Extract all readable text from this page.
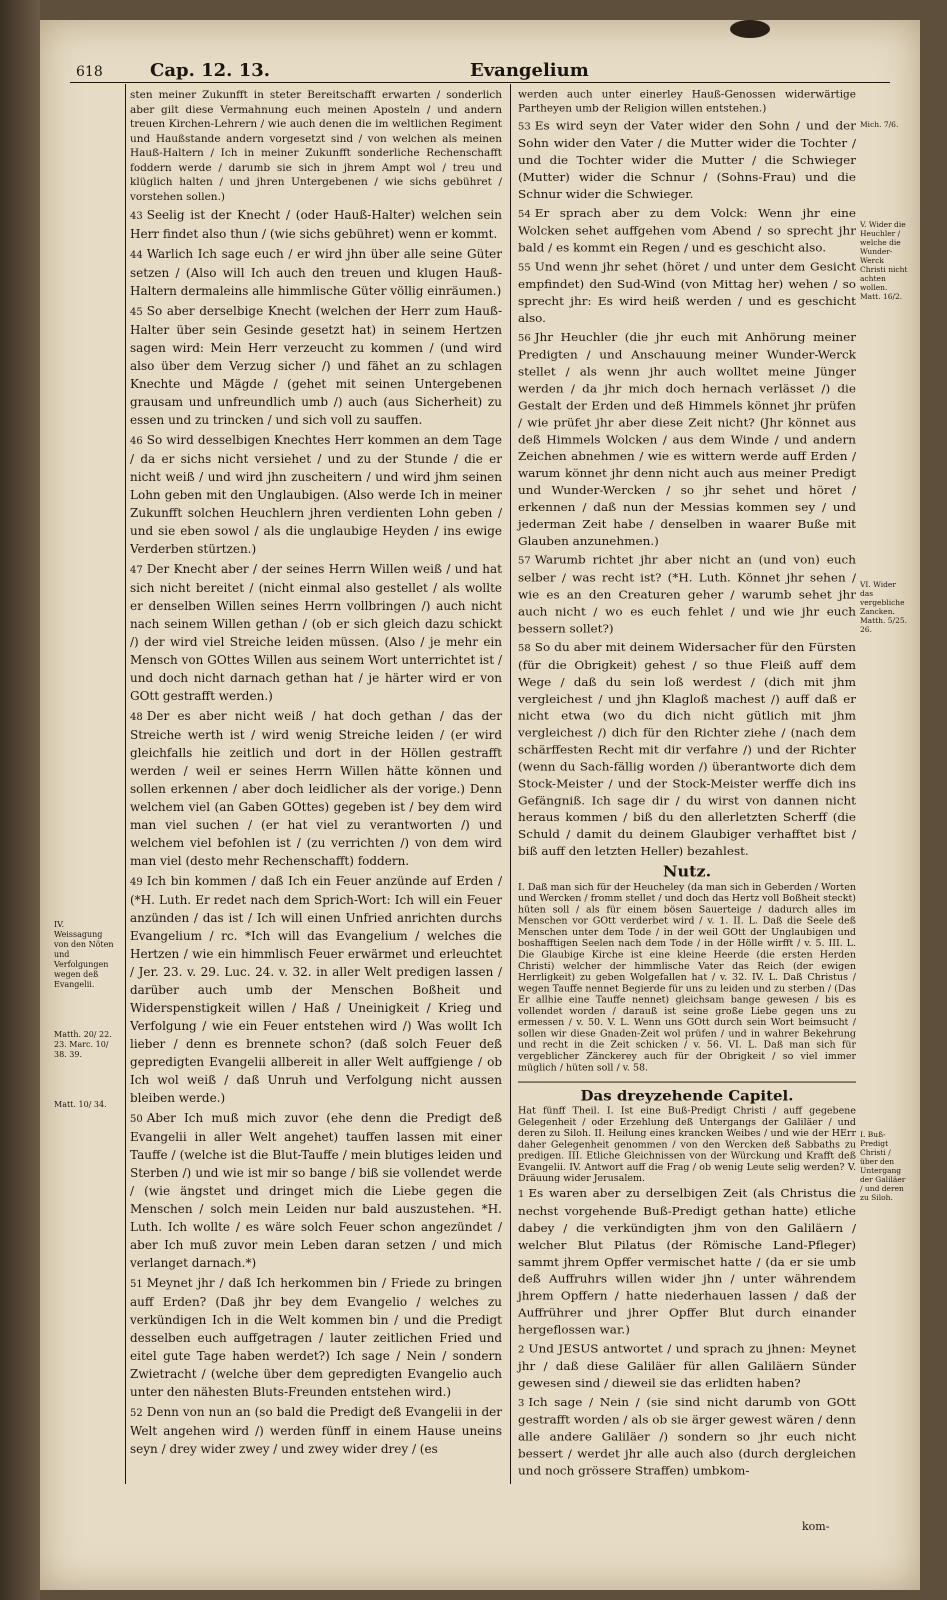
618	Cap. 12. 13.	Evangelium
IV. Weissagung von den Nöten und Verfolgungen wegen deß Evangelii.
Matth. 20/ 22. 23. Marc. 10/ 38. 39.
Matt. 10/ 34.

sten meiner Zukunfft in steter Bereitschafft erwarten / sonderlich aber gilt diese Vermahnung euch meinen Aposteln / und andern treuen Kirchen-Lehrern / wie auch denen die im weltlichen Regiment und Haußstande andern vorgesetzt sind / von welchen als meinen Hauß-Haltern / Ich in meiner Zukunfft sonderliche Rechenschafft foddern werde / darumb sie sich in jhrem Ampt wol / treu und klüglich halten / und jhren Untergebenen / wie sichs gebühret / vorstehen sollen.)

43 Seelig ist der Knecht / (oder Hauß-Halter) welchen sein Herr findet also thun / (wie sichs gebühret) wenn er kommt.

44 Warlich Ich sage euch / er wird jhn über alle seine Güter setzen / (Also will Ich auch den treuen und klugen Hauß-Haltern dermaleins alle himmlische Güter völlig einräumen.)

45 So aber derselbige Knecht (welchen der Herr zum Hauß-Halter über sein Gesinde gesetzt hat) in seinem Hertzen sagen wird: Mein Herr verzeucht zu kommen / (und wird also über dem Verzug sicher /) und fähet an zu schlagen Knechte und Mägde / (gehet mit seinen Untergebenen grausam und unfreundlich umb /) auch (aus Sicherheit) zu essen und zu trincken / und sich voll zu sauffen.

46 So wird desselbigen Knechtes Herr kommen an dem Tage / da er sichs nicht versiehet / und zu der Stunde / die er nicht weiß / und wird jhn zuscheitern / und wird jhm seinen Lohn geben mit den Unglaubigen. (Also werde Ich in meiner Zukunfft solchen Heuchlern jhren verdienten Lohn geben / und sie eben sowol / als die unglaubige Heyden / ins ewige Verderben stürtzen.)

47 Der Knecht aber / der seines Herrn Willen weiß / und hat sich nicht bereitet / (nicht einmal also gestellet / als wollte er denselben Willen seines Herrn vollbringen /) auch nicht nach seinem Willen gethan / (ob er sich gleich dazu schickt /) der wird viel Streiche leiden müssen. (Also / je mehr ein Mensch von GOttes Willen aus seinem Wort unterrichtet ist / und doch nicht darnach gethan hat / je härter wird er von GOtt gestrafft werden.)

48 Der es aber nicht weiß / hat doch gethan / das der Streiche werth ist / wird wenig Streiche leiden / (er wird gleichfalls hie zeitlich und dort in der Höllen gestrafft werden / weil er seines Herrn Willen hätte können und sollen erkennen / aber doch leidlicher als der vorige.) Denn welchem viel (an Gaben GOttes) gegeben ist / bey dem wird man viel suchen / (er hat viel zu verantworten /) und welchem viel befohlen ist / (zu verrichten /) von dem wird man viel (desto mehr Rechenschafft) foddern.

49 Ich bin kommen / daß Ich ein Feuer anzünde auf Erden / (*H. Luth. Er redet nach dem Sprich-Wort: Ich will ein Feuer anzünden / das ist / Ich will einen Unfried anrichten durchs Evangelium / rc. *Ich will das Evangelium / welches die Hertzen / wie ein himmlisch Feuer erwärmet und erleuchtet / Jer. 23. v. 29. Luc. 24. v. 32. in aller Welt predigen lassen / darüber auch umb der Menschen Boßheit und Widerspenstigkeit willen / Haß / Uneinigkeit / Krieg und Verfolgung / wie ein Feuer entstehen wird /) Was wollt Ich lieber / denn es brennete schon? (daß solch Feuer deß gepredigten Evangelii allbereit in aller Welt auffgienge / ob Ich wol weiß / daß Unruh und Verfolgung nicht aussen bleiben werde.)

50 Aber Ich muß mich zuvor (ehe denn die Predigt deß Evangelii in aller Welt angehet) tauffen lassen mit einer Tauffe / (welche ist die Blut-Tauffe / mein blutiges leiden und Sterben /) und wie ist mir so bange / biß sie vollendet werde / (wie ängstet und dringet mich die Liebe gegen die Menschen / solch mein Leiden nur bald auszustehen. *H. Luth. Ich wollte / es wäre solch Feuer schon angezündet / aber Ich muß zuvor mein Leben daran setzen / und mich verlanget darnach.*)

51 Meynet jhr / daß Ich herkommen bin / Friede zu bringen auff Erden? (Daß jhr bey dem Evangelio / welches zu verkündigen Ich in die Welt kommen bin / und die Predigt desselben euch auffgetragen / lauter zeitlichen Fried und eitel gute Tage haben werdet?) Ich sage / Nein / sondern Zwietracht / (welche über dem gepredigten Evangelio auch unter den nähesten Bluts-Freunden entstehen wird.)

52 Denn von nun an (so bald die Predigt deß Evangelii in der Welt angehen wird /) werden fünff in einem Hause uneins seyn / drey wider zwey / und zwey wider drey / (es

werden auch unter einerley Hauß-Genossen widerwärtige Partheyen umb der Religion willen entstehen.)

53 Es wird seyn der Vater wider den Sohn / und der Sohn wider den Vater / die Mutter wider die Tochter / und die Tochter wider die Mutter / die Schwieger (Mutter) wider die Schnur / (Sohns-Frau) und die Schnur wider die Schwieger.

54 Er sprach aber zu dem Volck: Wenn jhr eine Wolcken sehet auffgehen vom Abend / so sprecht jhr bald / es kommt ein Regen / und es geschicht also.

55 Und wenn jhr sehet (höret / und unter dem Gesicht empfindet) den Sud-Wind (von Mittag her) wehen / so sprecht jhr: Es wird heiß werden / und es geschicht also.

56 Jhr Heuchler (die jhr euch mit Anhörung meiner Predigten / und Anschauung meiner Wunder-Werck stellet / als wenn jhr auch wolltet meine Jünger werden / da jhr mich doch hernach verlässet /) die Gestalt der Erden und deß Himmels könnet jhr prüfen / wie prüfet jhr aber diese Zeit nicht? (Jhr könnet aus deß Himmels Wolcken / aus dem Winde / und andern Zeichen abnehmen / wie es wittern werde auff Erden / warum könnet jhr denn nicht auch aus meiner Predigt und Wunder-Wercken / so jhr sehet und höret / erkennen / daß nun der Messias kommen sey / und jederman Zeit habe / denselben in waarer Buße mit Glauben anzunehmen.)

57 Warumb richtet jhr aber nicht an (und von) euch selber / was recht ist? (*H. Luth. Könnet jhr sehen / wie es an den Creaturen geher / warumb sehet jhr auch nicht / wo es euch fehlet / und wie jhr euch bessern sollet?)

58 So du aber mit deinem Widersacher für den Fürsten (für die Obrigkeit) gehest / so thue Fleiß auff dem Wege / daß du sein loß werdest / (dich mit jhm vergleichest / und jhn Klagloß machest /) auff daß er nicht etwa (wo du dich nicht gütlich mit jhm vergleichest /) dich für den Richter ziehe / (nach dem schärffesten Recht mit dir verfahre /) und der Richter (wenn du Sach-fällig worden /) überantworte dich dem Stock-Meister / und der Stock-Meister werffe dich ins Gefängniß. Ich sage dir / du wirst von dannen nicht heraus kommen / biß du den allerletzten Scherff (die Schuld / damit du deinem Glaubiger verhafftet bist / biß auff den letzten Heller) bezahlest.

Nutz.
I. Daß man sich für der Heucheley (da man sich in Geberden / Worten und Wercken / fromm stellet / und doch das Hertz voll Boßheit steckt) hüten soll / als für einem bösen Sauerteige / dadurch alles im Menschen vor GOtt verderbet wird / v. 1. II. L. Daß die Seele deß Menschen unter dem Tode / in der weil GOtt der Unglaubigen und boshafftigen Seelen nach dem Tode / in der Hölle wirfft / v. 5. III. L. Die Glaubige Kirche ist eine kleine Heerde (die ersten Herden Christi) welcher der himmlische Vater das Reich (der ewigen Herrligkeit) zu geben Wolgefallen hat / v. 32. IV. L. Daß Christus / wegen Tauffe nennet Begierde für uns zu leiden und zu sterben / (Das Er allhie eine Tauffe nennet) gleichsam bange gewesen / bis es vollendet worden / darauß ist seine große Liebe gegen uns zu ermessen / v. 50. V. L. Wenn uns GOtt durch sein Wort beimsucht / sollen wir diese Gnaden-Zeit wol prüfen / und in wahrer Bekehrung und recht in die Zeit schicken / v. 56. VI. L. Daß man sich für vergeblicher Zänckerey auch für der Obrigkeit / so viel immer müglich / hüten soll / v. 58.
Das dreyzehende Capitel.
Hat fünff Theil. I. Ist eine Buß-Predigt Christi / auff gegebene Gelegenheit / oder Erzehlung deß Untergangs der Galiläer / und deren zu Siloh. II. Heilung eines krancken Weibes / und wie der HErr daher Gelegenheit genommen / von den Wercken deß Sabbaths zu predigen. III. Etliche Gleichnissen von der Würckung und Krafft deß Evangelii. IV. Antwort auff die Frag / ob wenig Leute selig werden? V. Dräuung wider Jerusalem.

1 Es waren aber zu derselbigen Zeit (als Christus die nechst vorgehende Buß-Predigt gethan hatte) etliche dabey / die verkündigten jhm von den Galiläern / welcher Blut Pilatus (der Römische Land-Pfleger) sammt jhrem Opffer vermischet hatte / (da er sie umb deß Auffruhrs willen wider jhn / unter währendem jhrem Opffern / hatte niederhauen lassen / daß der Auffrührer und jhrer Opffer Blut durch einander hergeflossen war.)

2 Und JESUS antwortet / und sprach zu jhnen: Meynet jhr / daß diese Galiläer für allen Galiläern Sünder gewesen sind / dieweil sie das erlidten haben?

3 Ich sage / Nein / (sie sind nicht darumb von GOtt gestrafft worden / als ob sie ärger gewest wären / denn alle andere Galiläer /) sondern so jhr euch nicht bessert / werdet jhr alle auch also (durch dergleichen und noch grössere Straffen) umbkom-

Mich. 7/6.
V. Wider die Heuchler / welche die Wunder-Werck Christi nicht achten wollen. Matt. 16/2.
VI. Wider das vergebliche Zancken. Matth. 5/25. 26.
I. Buß-Predigt Christi / über den Untergang der Galiläer / und deren zu Siloh.
kom-
